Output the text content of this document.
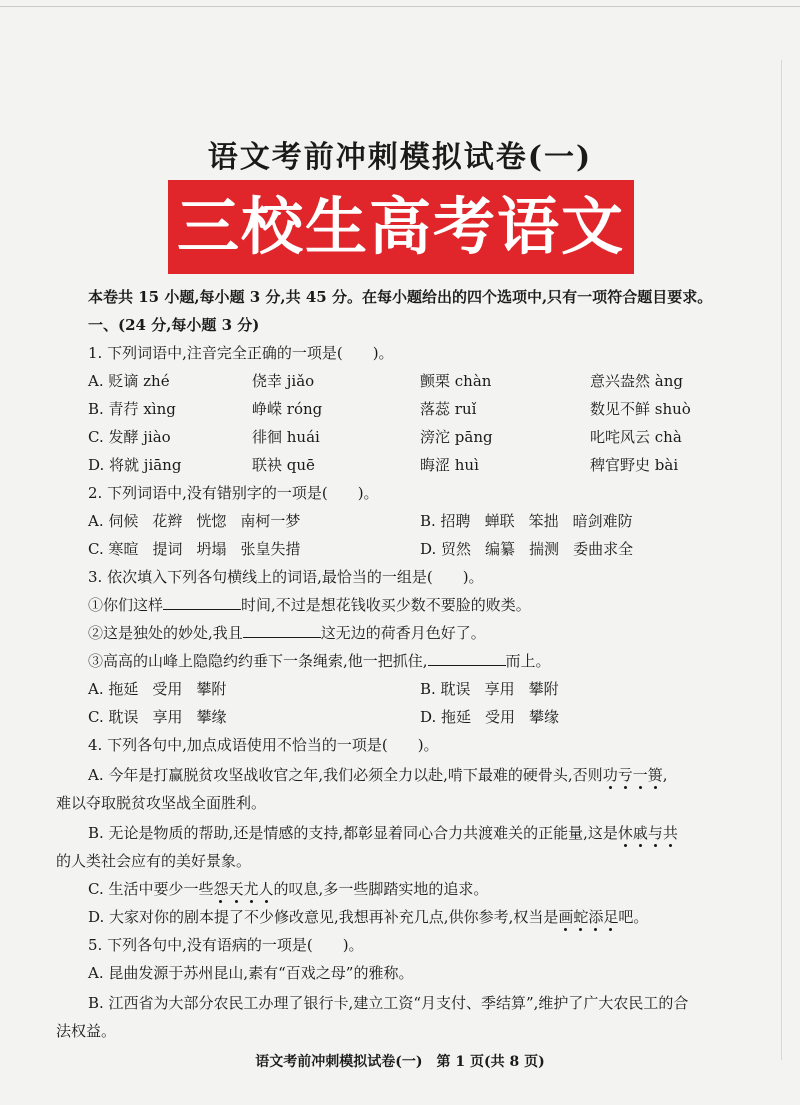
语文考前冲刺模拟试卷(一)
三校生高考语文
本卷共 15 小题,每小题 3 分,共 45 分。在每小题给出的四个选项中,只有一项符合题目要求。
一、(24 分,每小题 3 分)
1. 下列词语中,注音完全正确的一项是(　　)。
A. 贬谪 zhé	侥幸 jiǎo	颤栗 chàn	意兴盎然 àng
B. 青荇 xìng	峥嵘 róng	落蕊 ruǐ	数见不鲜 shuò
C. 发酵 jiào	徘徊 huái	滂沱 pāng	叱咤风云 chà
D. 将就 jiāng	联袂 quē	晦涩 huì	稗官野史 bài
2. 下列词语中,没有错别字的一项是(　　)。
A. 伺候 花辫 恍惚 南柯一梦	B. 招聘 蝉联 笨拙 暗剑难防
C. 寒暄 提词 坍塌 张皇失措	D. 贸然 编纂 揣测 委曲求全
3. 依次填入下列各句横线上的词语,最恰当的一组是(　　)。
①你们这样	时间,不过是想花钱收买少数不要脸的败类。
②这是独处的妙处,我且	这无边的荷香月色好了。
③高高的山峰上隐隐约约垂下一条绳索,他一把抓住,	而上。
A. 拖延 受用 攀附	B. 耽误 享用 攀附
C. 耽误 享用 攀缘	D. 拖延 受用 攀缘
4. 下列各句中,加点成语使用不恰当的一项是(　　)。
A. 今年是打赢脱贫攻坚战收官之年,我们必须全力以赴,啃下最难的硬骨头,否则功亏一篑,
难以夺取脱贫攻坚战全面胜利。
B. 无论是物质的帮助,还是情感的支持,都彰显着同心合力共渡难关的正能量,这是休戚与共
的人类社会应有的美好景象。
C. 生活中要少一些怨天尤人的叹息,多一些脚踏实地的追求。
D. 大家对你的剧本提了不少修改意见,我想再补充几点,供你参考,权当是画蛇添足吧。
5. 下列各句中,没有语病的一项是(　　)。
A. 昆曲发源于苏州昆山,素有“百戏之母”的雅称。
B. 江西省为大部分农民工办理了银行卡,建立工资“月支付、季结算”,维护了广大农民工的合
法权益。
语文考前冲刺模拟试卷(一)　第 1 页(共 8 页)
